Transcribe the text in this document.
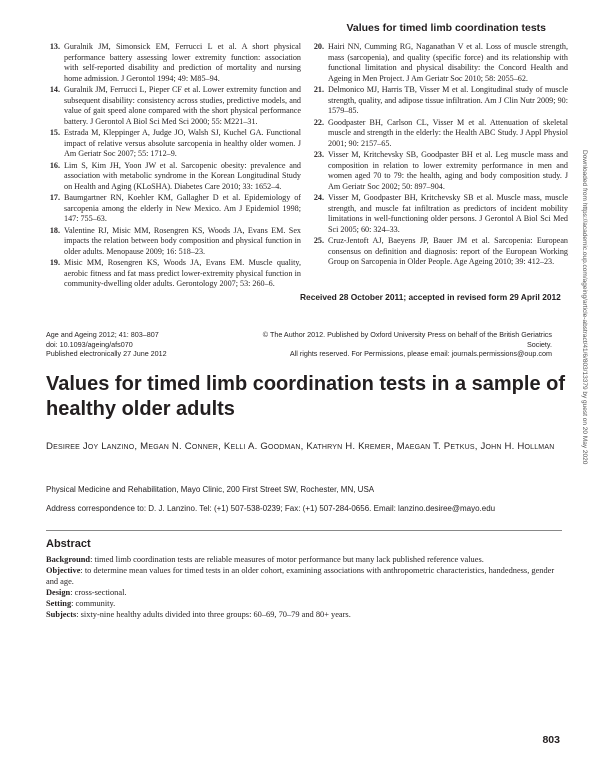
Values for timed limb coordination tests
13. Guralnik JM, Simonsick EM, Ferrucci L et al. A short physical performance battery assessing lower extremity function: association with self-reported disability and prediction of mortality and nursing home admission. J Gerontol 1994; 49: M85–94.
14. Guralnik JM, Ferrucci L, Pieper CF et al. Lower extremity function and subsequent disability: consistency across studies, predictive models, and value of gait speed alone compared with the short physical performance battery. J Gerontol A Biol Sci Med Sci 2000; 55: M221–31.
15. Estrada M, Kleppinger A, Judge JO, Walsh SJ, Kuchel GA. Functional impact of relative versus absolute sarcopenia in healthy older women. J Am Geriatr Soc 2007; 55: 1712–9.
16. Lim S, Kim JH, Yoon JW et al. Sarcopenic obesity: prevalence and association with metabolic syndrome in the Korean Longitudinal Study on Health and Aging (KLoSHA). Diabetes Care 2010; 33: 1652–4.
17. Baumgartner RN, Koehler KM, Gallagher D et al. Epidemiology of sarcopenia among the elderly in New Mexico. Am J Epidemiol 1998; 147: 755–63.
18. Valentine RJ, Misic MM, Rosengren KS, Woods JA, Evans EM. Sex impacts the relation between body composition and physical function in older adults. Menopause 2009; 16: 518–23.
19. Misic MM, Rosengren KS, Woods JA, Evans EM. Muscle quality, aerobic fitness and fat mass predict lower-extremity physical function in community-dwelling older adults. Gerontology 2007; 53: 260–6.
20. Hairi NN, Cumming RG, Naganathan V et al. Loss of muscle strength, mass (sarcopenia), and quality (specific force) and its relationship with functional limitation and physical disability: the Concord Health and Ageing in Men Project. J Am Geriatr Soc 2010; 58: 2055–62.
21. Delmonico MJ, Harris TB, Visser M et al. Longitudinal study of muscle strength, quality, and adipose tissue infiltration. Am J Clin Nutr 2009; 90: 1579–85.
22. Goodpaster BH, Carlson CL, Visser M et al. Attenuation of skeletal muscle and strength in the elderly: the Health ABC Study. J Appl Physiol 2001; 90: 2157–65.
23. Visser M, Kritchevsky SB, Goodpaster BH et al. Leg muscle mass and composition in relation to lower extremity performance in men and women aged 70 to 79: the health, aging and body composition study. J Am Geriatr Soc 2002; 50: 897–904.
24. Visser M, Goodpaster BH, Kritchevsky SB et al. Muscle mass, muscle strength, and muscle fat infiltration as predictors of incident mobility limitations in well-functioning older persons. J Gerontol A Biol Sci Med Sci 2005; 60: 324–33.
25. Cruz-Jentoft AJ, Baeyens JP, Bauer JM et al. Sarcopenia: European consensus on definition and diagnosis: report of the European Working Group on Sarcopenia in Older People. Age Ageing 2010; 39: 412–23.
Received 28 October 2011; accepted in revised form 29 April 2012	Downloaded from https://academic.oup.com/ageing/article-abstract/41/6/803/13379 by guest on 20 May 2020
Age and Ageing 2012; 41: 803–807
doi: 10.1093/ageing/afs070
Published electronically 27 June 2012
© The Author 2012. Published by Oxford University Press on behalf of the British Geriatrics Society.
All rights reserved. For Permissions, please email: journals.permissions@oup.com
Values for timed limb coordination tests in a sample of healthy older adults
Desiree Joy Lanzino, Megan N. Conner, Kelli A. Goodman, Kathryn H. Kremer, Maegan T. Petkus, John H. Hollman
Physical Medicine and Rehabilitation, Mayo Clinic, 200 First Street SW, Rochester, MN, USA
Address correspondence to: D. J. Lanzino. Tel: (+1) 507-538-0239; Fax: (+1) 507-284-0656. Email: lanzino.desiree@mayo.edu
Abstract

Background: timed limb coordination tests are reliable measures of motor performance but many lack published reference values.

Objective: to determine mean values for timed tests in an older cohort, examining associations with anthropometric characteristics, handedness, gender and age.

Design: cross-sectional.

Setting: community.

Subjects: sixty-nine healthy adults divided into three groups: 60–69, 70–79 and 80+ years.

803
